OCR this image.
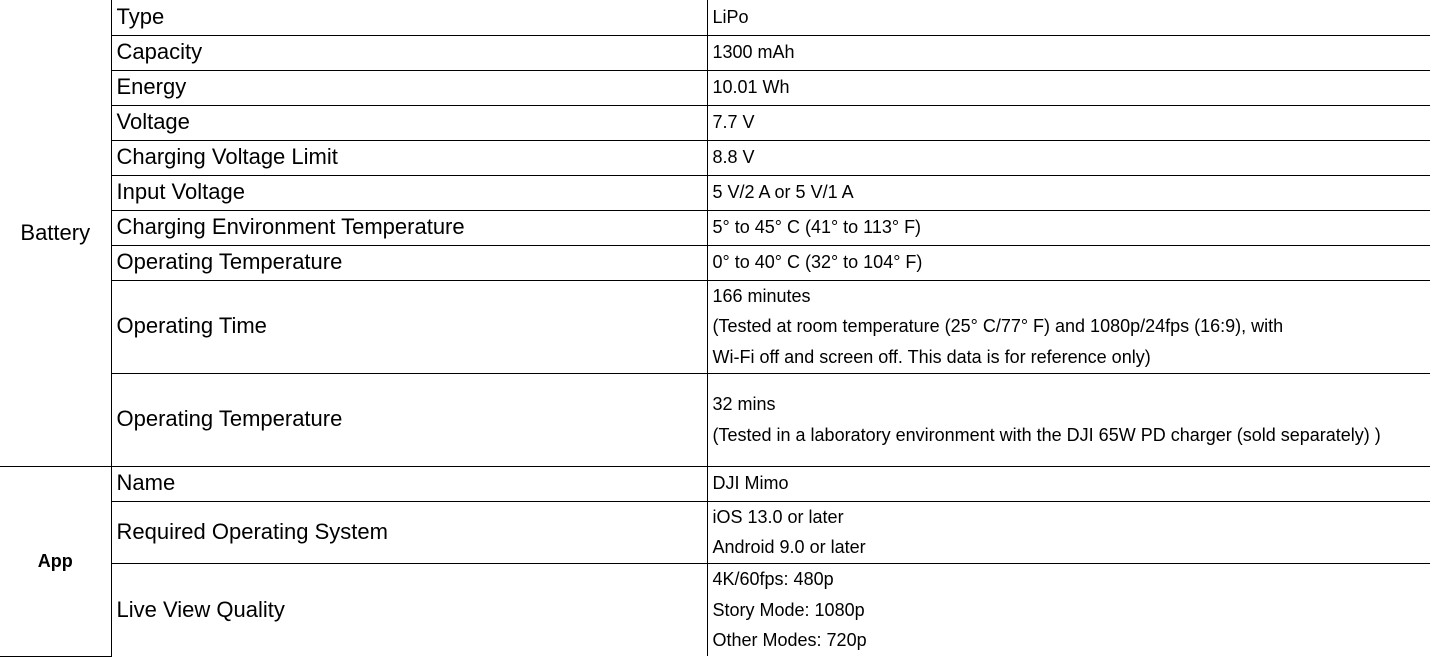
Battery	Type	LiPo
	Capacity	1300 mAh
	Energy	10.01 Wh
	Voltage	7.7 V
	Charging Voltage Limit	8.8 V
	Input Voltage	5 V/2 A or 5 V/1 A
	Charging Environment Temperature	5° to 45° C (41° to 113° F)
	Operating Temperature	0° to 40° C (32° to 104° F)
	Operating Time	166 minutes
(Tested at room temperature (25° C/77° F) and 1080p/24fps (16:9), with
Wi-Fi off and screen off. This data is for reference only)

	Operating Temperature	32 mins
(Tested in a laboratory environment with the DJI 65W PD charger (sold separately) )

App	Name	DJI Mimo
	Required Operating System	iOS 13.0 or later
Android 9.0 or later

	Live View Quality	4K/60fps: 480p
Story Mode: 1080p
Other Modes: 720p
